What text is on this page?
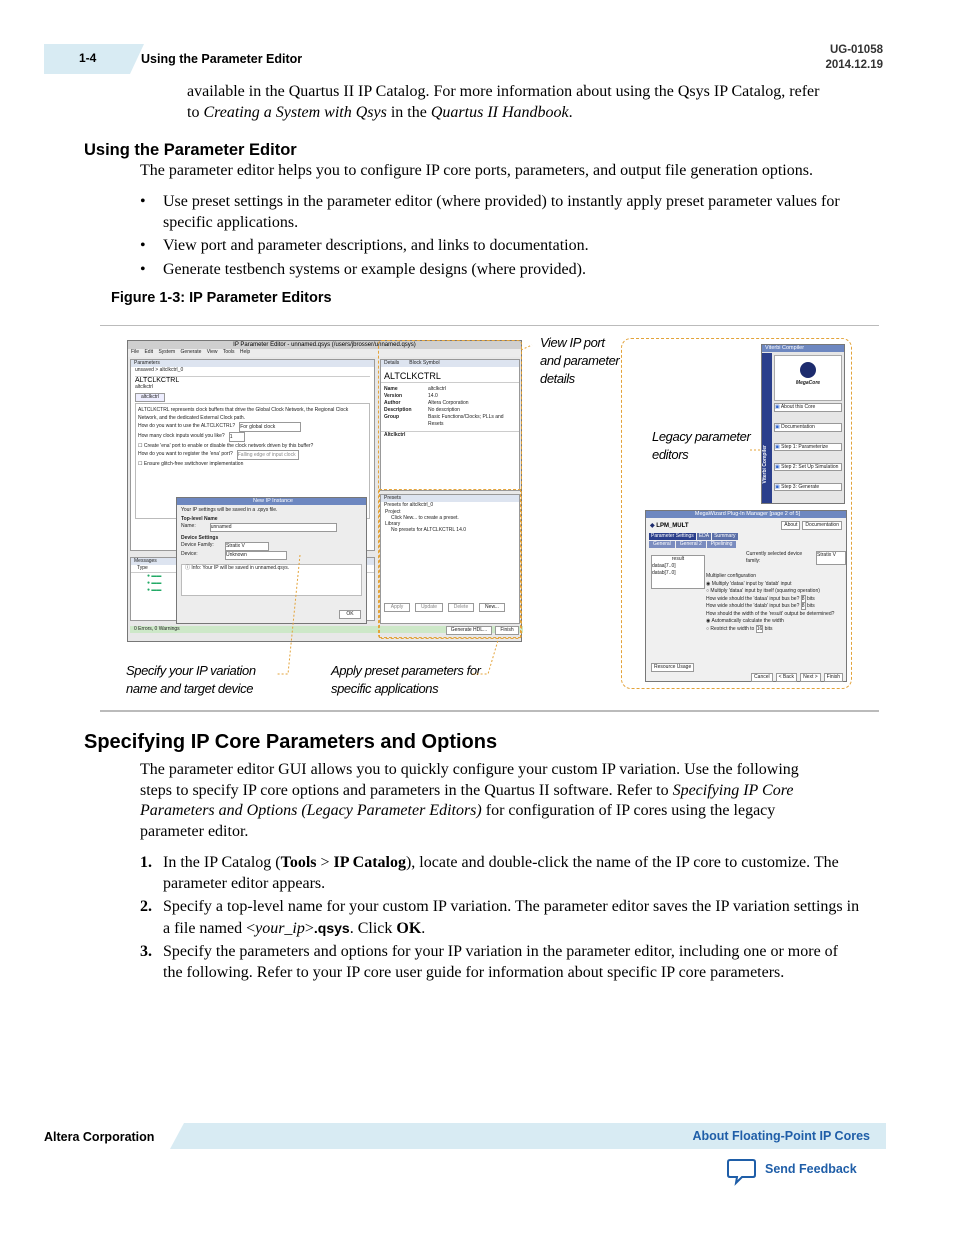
1-4	Using the Parameter Editor
UG-01058
2014.12.19
available in the Quartus II IP Catalog. For more information about using the Qsys IP Catalog, refer
to Creating a System with Qsys in the Quartus II Handbook.
Using the Parameter Editor
The parameter editor helps you to configure IP core ports, parameters, and output file generation options.
• Use preset settings in the parameter editor (where provided) to instantly apply preset parameter values for specific applications.
• View port and parameter descriptions, and links to documentation.
• Generate testbench systems or example designs (where provided).
Figure 1-3: IP Parameter Editors
IP Parameter Editor - unnamed.qsys (/users/jbrosser/unnamed.qsys)
File Edit System Generate View Tools Help
Parameters
unsaved > altclkctrl_0
ALTCLKCTRL
altclkctrl
altclkctrl
ALTCLKCTRL represents clock buffers that drive the Global Clock Network, the Regional Clock Network, and the dedicated External Clock path.
How do you want to use the ALTCLKCTRL? For global clock
How many clock inputs would you like? 1
☐ Create 'ena' port to enable or disable the clock network driven by this buffer?
How do you want to register the 'ena' port? Falling edge of input clock
☐ Ensure glitch-free switchover implementation
Messages
Type
● ▬▬
● ▬▬
● ▬▬
0 Errors, 0 Warnings
Details Block Symbol
ALTCLKCTRL
Name	altclkctrl
Version	14.0
Author	Altera Corporation
Description	No description
Group	Basic Functions/Clocks; PLLs and Resets
Altclkctrl
Presets
Presets for altclkctrl_0
Project
Click New... to create a preset.
Library
No presets for ALTCLKCTRL 14.0
Apply	Update	Delete	New...
Generate HDL...	Finish
New IP Instance
Your IP settings will be saved in a .qsys file.
Top-level Name
Name:	unnamed
Device Settings
Device Family:	Stratix V
Device:	Unknown
ⓘ Info: Your IP will be saved in unnamed.qsys.
OK
View IP port and parameter details
Legacy parameter editors
Specify your IP variation name and target device
Apply preset parameters for specific applications
Viterbi Compiler
Viterbi Compiler
MegaCore
▣ About this Core
▣ Documentation
▣ Step 1: Parameterize
▣ Step 2: Set Up Simulation
▣ Step 3: Generate
MegaWizard Plug-In Manager [page 2 of 5]
◆ LPM_MULT	About	Documentation
Parameter Settings	EDA	Summary
General	General 2	Pipelining
result
dataa[7..0]
datab[7..0]
Currently selected device family:
Stratix V
Multiplier configuration
◉ Multiply 'dataa' input by 'datab' input
○ Multiply 'dataa' input by itself (squaring operation)
How wide should the 'dataa' input bus be? 8 bits
How wide should the 'datab' input bus be? 8 bits
How should the width of the 'result' output be determined?
◉ Automatically calculate the width
○ Restrict the width to 16 bits
Resource Usage
Cancel	< Back	Next >	Finish
Specifying IP Core Parameters and Options
The parameter editor GUI allows you to quickly configure your custom IP variation. Use the following
steps to specify IP core options and parameters in the Quartus II software. Refer to Specifying IP Core
Parameters and Options (Legacy Parameter Editors) for configuration of IP cores using the legacy
parameter editor.
1. In the IP Catalog (Tools > IP Catalog), locate and double-click the name of the IP core to customize. The parameter editor appears.
2. Specify a top-level name for your custom IP variation. The parameter editor saves the IP variation settings in a file named <your_ip>.qsys. Click OK.
3. Specify the parameters and options for your IP variation in the parameter editor, including one or more of the following. Refer to your IP core user guide for information about specific IP core parameters.
Altera Corporation	About Floating-Point IP Cores
Send Feedback
